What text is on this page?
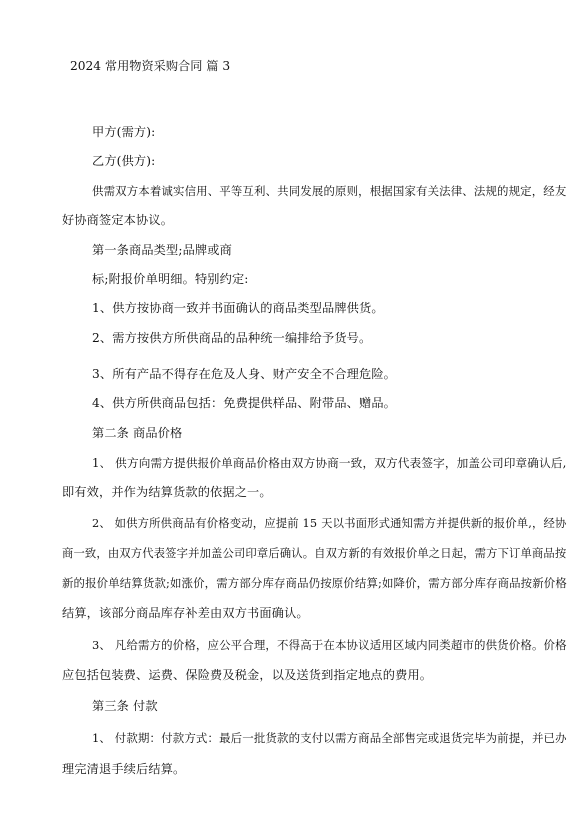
2024 常用物资采购合同 篇 3
甲方(需方):
乙方(供方):
供需双方本着诚实信用、平等互利、共同发展的原则，根据国家有关法律、法规的规定，经友
好协商签定本协议。
第一条商品类型;品牌或商
标;附报价单明细。特别约定:
1、供方按协商一致并书面确认的商品类型品牌供货。
2、需方按供方所供商品的品种统一编排给予货号。
3、所有产品不得存在危及人身、财产安全不合理危险。
4、供方所供商品包括：免费提供样品、附带品、赠品。
第二条 商品价格
1、 供方向需方提供报价单商品价格由双方协商一致，双方代表签字，加盖公司印章确认后,
即有效，并作为结算货款的依据之一。
2、 如供方所供商品有价格变动，应提前 15 天以书面形式通知需方并提供新的报价单,，经协
商一致，由双方代表签字并加盖公司印章后确认。自双方新的有效报价单之日起，需方下订单商品按
新的报价单结算货款;如涨价，需方部分库存商品仍按原价结算;如降价，需方部分库存商品按新价格
结算，该部分商品库存补差由双方书面确认。
3、 凡给需方的价格，应公平合理，不得高于在本协议适用区域内同类超市的供货价格。价格
应包括包装费、运费、保险费及税金，以及送货到指定地点的费用。
第三条 付款
1、 付款期：付款方式：最后一批货款的支付以需方商品全部售完或退货完毕为前提，并已办
理完清退手续后结算。
